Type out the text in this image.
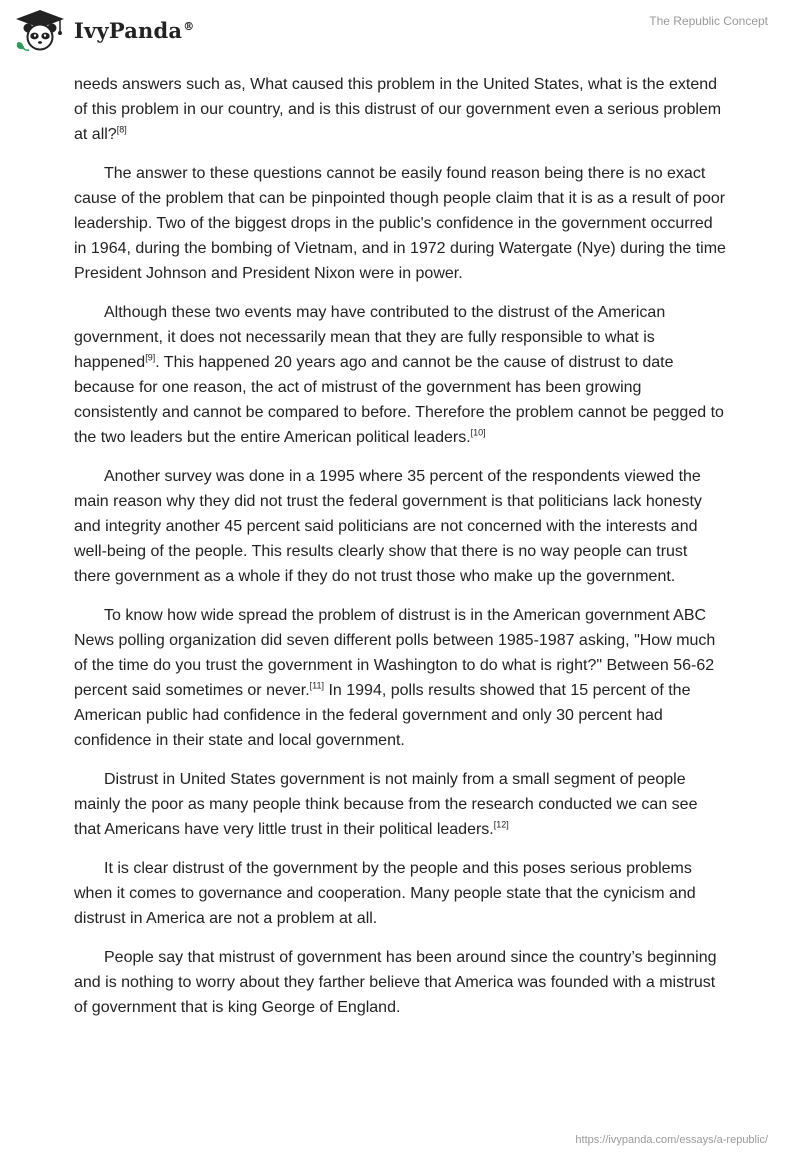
IvyPanda®	The Republic Concept

needs answers such as, What caused this problem in the United States, what is the extend of this problem in our country, and is this distrust of our government even a serious problem at all?[8]

The answer to these questions cannot be easily found reason being there is no exact cause of the problem that can be pinpointed though people claim that it is as a result of poor leadership. Two of the biggest drops in the public's confidence in the government occurred in 1964, during the bombing of Vietnam, and in 1972 during Watergate (Nye) during the time President Johnson and President Nixon were in power.

Although these two events may have contributed to the distrust of the American government, it does not necessarily mean that they are fully responsible to what is happened[9]. This happened 20 years ago and cannot be the cause of distrust to date because for one reason, the act of mistrust of the government has been growing consistently and cannot be compared to before. Therefore the problem cannot be pegged to the two leaders but the entire American political leaders.[10]

Another survey was done in a 1995 where 35 percent of the respondents viewed the main reason why they did not trust the federal government is that politicians lack honesty and integrity another 45 percent said politicians are not concerned with the interests and well-being of the people. This results clearly show that there is no way people can trust there government as a whole if they do not trust those who make up the government.

To know how wide spread the problem of distrust is in the American government ABC News polling organization did seven different polls between 1985-1987 asking, "How much of the time do you trust the government in Washington to do what is right?" Between 56-62 percent said sometimes or never.[11] In 1994, polls results showed that 15 percent of the American public had confidence in the federal government and only 30 percent had confidence in their state and local government.

Distrust in United States government is not mainly from a small segment of people mainly the poor as many people think because from the research conducted we can see that Americans have very little trust in their political leaders.[12]

It is clear distrust of the government by the people and this poses serious problems when it comes to governance and cooperation. Many people state that the cynicism and distrust in America are not a problem at all.

People say that mistrust of government has been around since the country’s beginning and is nothing to worry about they farther believe that America was founded with a mistrust of government that is king George of England.

https://ivypanda.com/essays/a-republic/
